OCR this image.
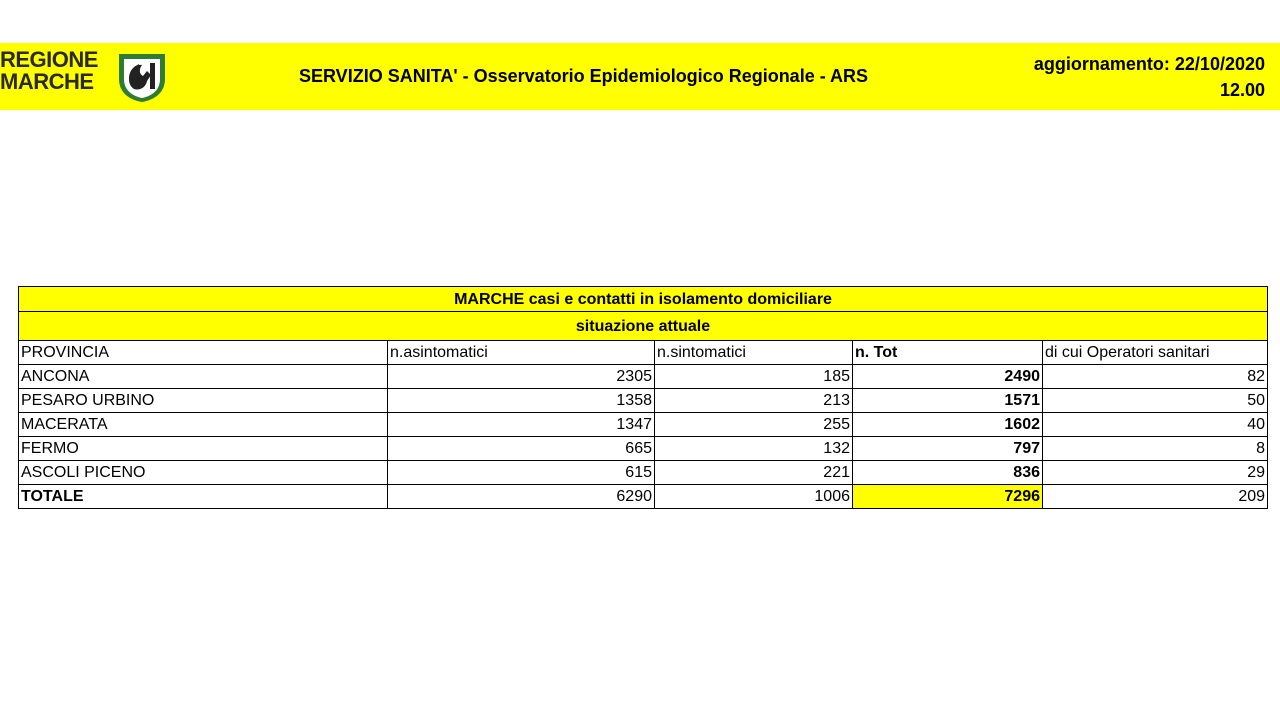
REGIONE
MARCHE	SERVIZIO SANITA' - Osservatorio Epidemiologico Regionale - ARS
aggiornamento: 22/10/2020
12.00
MARCHE casi e contatti in isolamento domiciliare				
situazione attuale				
PROVINCIA	n.asintomatici	n.sintomatici	n. Tot	di cui Operatori sanitari
ANCONA	2305	185	2490	82
PESARO URBINO	1358	213	1571	50
MACERATA	1347	255	1602	40
FERMO	665	132	797	8
ASCOLI PICENO	615	221	836	29
TOTALE	6290	1006	7296	209
